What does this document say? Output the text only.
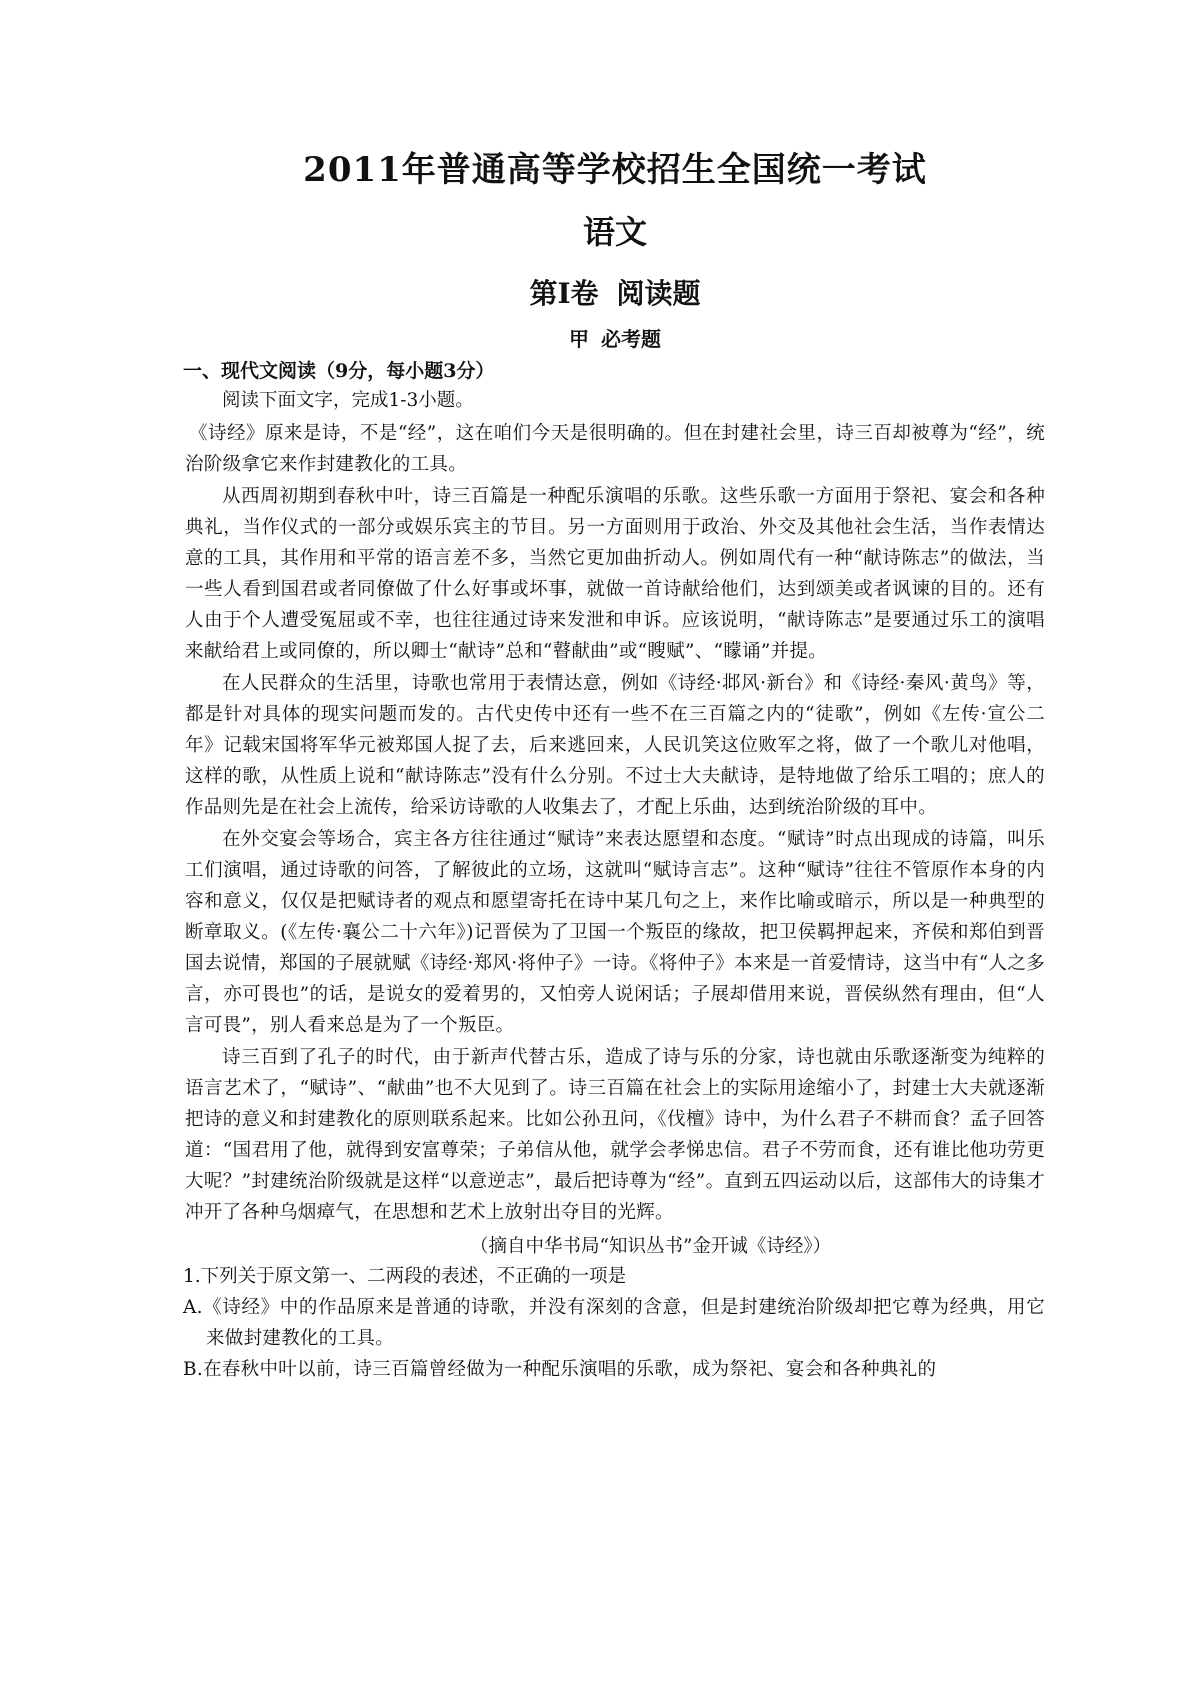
2011年普通高等学校招生全国统一考试
语文
第I卷 阅读题
甲 必考题
一、现代文阅读（9分，每小题3分）

阅读下面文字，完成1-3小题。

《诗经》原来是诗，不是“经”，这在咱们今天是很明确的。但在封建社会里，诗三百却被尊为“经”，统治阶级拿它来作封建教化的工具。

从西周初期到春秋中叶，诗三百篇是一种配乐演唱的乐歌。这些乐歌一方面用于祭祀、宴会和各种典礼，当作仪式的一部分或娱乐宾主的节目。另一方面则用于政治、外交及其他社会生活，当作表情达意的工具，其作用和平常的语言差不多，当然它更加曲折动人。例如周代有一种“献诗陈志”的做法，当一些人看到国君或者同僚做了什么好事或坏事，就做一首诗献给他们，达到颂美或者讽谏的目的。还有人由于个人遭受冤屈或不幸，也往往通过诗来发泄和申诉。应该说明，“献诗陈志”是要通过乐工的演唱来献给君上或同僚的，所以卿士“献诗”总和“瞽献曲”或“瞍赋”、“矇诵”并提。

在人民群众的生活里，诗歌也常用于表情达意，例如《诗经·邶风·新台》和《诗经·秦风·黄鸟》等，都是针对具体的现实问题而发的。古代史传中还有一些不在三百篇之内的“徒歌”，例如《左传·宣公二年》记载宋国将军华元被郑国人捉了去，后来逃回来，人民讥笑这位败军之将，做了一个歌儿对他唱，这样的歌，从性质上说和“献诗陈志”没有什么分别。不过士大夫献诗，是特地做了给乐工唱的；庶人的作品则先是在社会上流传，给采访诗歌的人收集去了，才配上乐曲，达到统治阶级的耳中。

在外交宴会等场合，宾主各方往往通过“赋诗”来表达愿望和态度。“赋诗”时点出现成的诗篇，叫乐工们演唱，通过诗歌的问答，了解彼此的立场，这就叫“赋诗言志”。这种“赋诗”往往不管原作本身的内容和意义，仅仅是把赋诗者的观点和愿望寄托在诗中某几句之上，来作比喻或暗示，所以是一种典型的断章取义。(《左传·襄公二十六年》)记晋侯为了卫国一个叛臣的缘故，把卫侯羁押起来，齐侯和郑伯到晋国去说情，郑国的子展就赋《诗经·郑风·将仲子》一诗。《将仲子》本来是一首爱情诗，这当中有“人之多言，亦可畏也”的话，是说女的爱着男的，又怕旁人说闲话；子展却借用来说，晋侯纵然有理由，但“人言可畏”，别人看来总是为了一个叛臣。

诗三百到了孔子的时代，由于新声代替古乐，造成了诗与乐的分家，诗也就由乐歌逐渐变为纯粹的语言艺术了，“赋诗”、“献曲”也不大见到了。诗三百篇在社会上的实际用途缩小了，封建士大夫就逐渐把诗的意义和封建教化的原则联系起来。比如公孙丑问，《伐檀》诗中，为什么君子不耕而食？孟子回答道：“国君用了他，就得到安富尊荣；子弟信从他，就学会孝悌忠信。君子不劳而食，还有谁比他功劳更大呢？”封建统治阶级就是这样“以意逆志”，最后把诗尊为“经”。直到五四运动以后，这部伟大的诗集才冲开了各种乌烟瘴气，在思想和艺术上放射出夺目的光辉。

（摘自中华书局“知识丛书”金开诚《诗经》）

1.下列关于原文第一、二两段的表述，不正确的一项是

A.《诗经》中的作品原来是普通的诗歌，并没有深刻的含意，但是封建统治阶级却把它尊为经典，用它来做封建教化的工具。

B.在春秋中叶以前，诗三百篇曾经做为一种配乐演唱的乐歌，成为祭祀、宴会和各种典礼的
